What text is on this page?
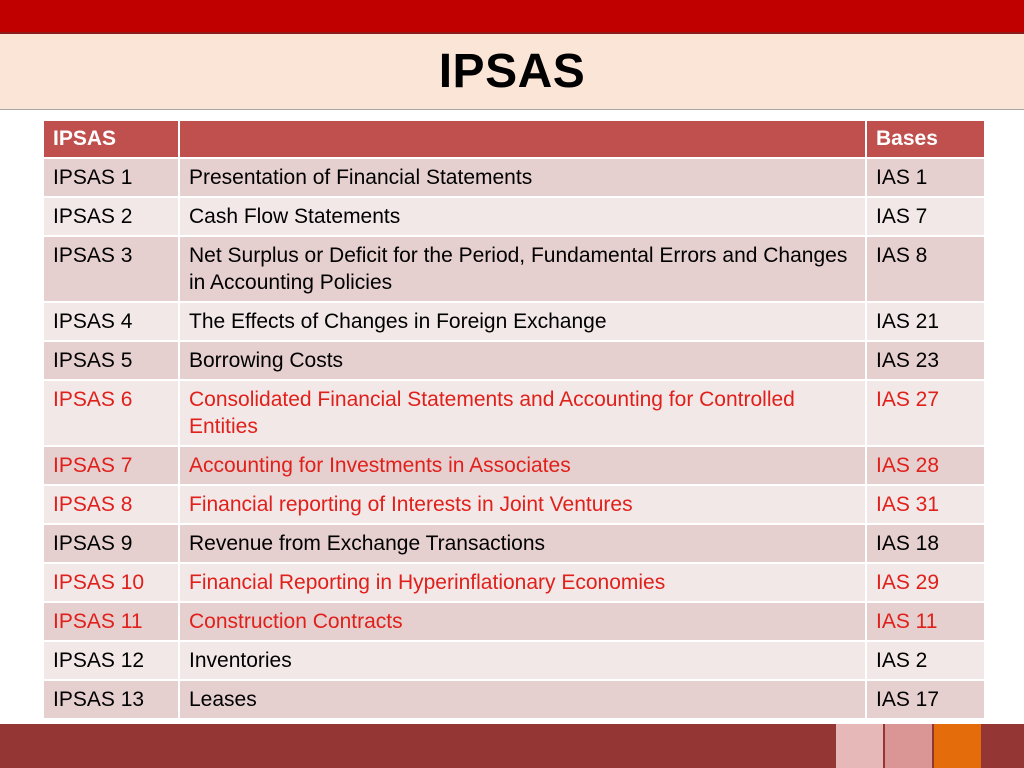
IPSAS
IPSAS		Bases
IPSAS 1	Presentation of Financial Statements	IAS 1
IPSAS 2	Cash Flow Statements	IAS 7
IPSAS 3	Net Surplus or Deficit for the Period, Fundamental Errors and Changes in Accounting Policies	IAS 8
IPSAS 4	The Effects of Changes in Foreign Exchange	IAS 21
IPSAS 5	Borrowing Costs	IAS 23
IPSAS 6	Consolidated Financial Statements and Accounting for Controlled Entities	IAS 27
IPSAS 7	Accounting for Investments in Associates	IAS 28
IPSAS 8	Financial reporting of Interests in Joint Ventures	IAS 31
IPSAS 9	Revenue from Exchange Transactions	IAS 18
IPSAS 10	Financial Reporting in Hyperinflationary Economies	IAS 29
IPSAS 11	Construction Contracts	IAS 11
IPSAS 12	Inventories	IAS 2
IPSAS 13	Leases	IAS 17
